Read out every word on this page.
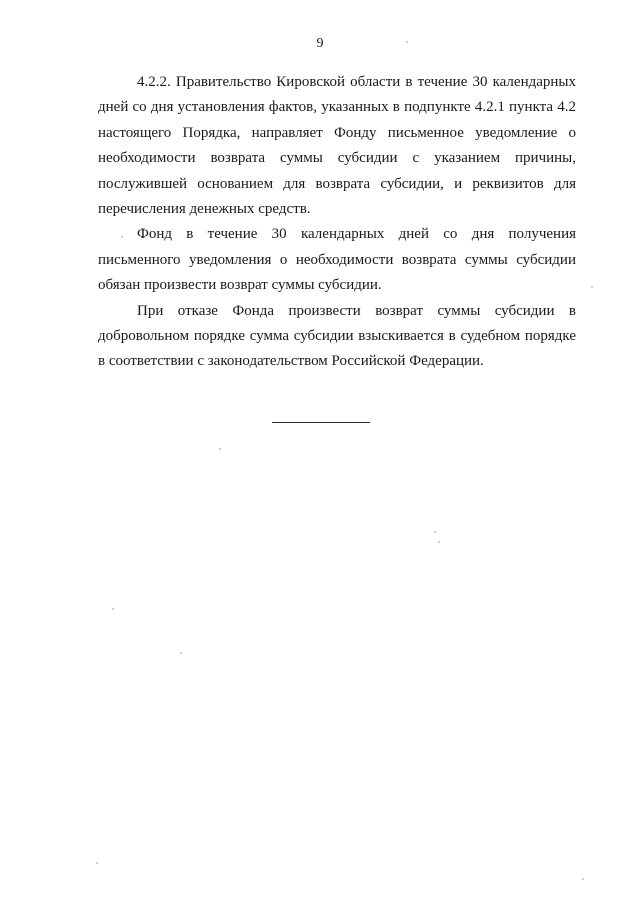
9
4.2.2. Правительство Кировской области в течение 30 календарных
дней со дня установления фактов, указанных в подпункте 4.2.1 пункта 4.2
настоящего Порядка, направляет Фонду письменное уведомление о
необходимости возврата суммы субсидии с указанием причины,
послужившей основанием для возврата субсидии, и реквизитов для
перечисления денежных средств.
Фонд в течение 30 календарных дней со дня получения
письменного уведомления о необходимости возврата суммы субсидии
обязан произвести возврат суммы субсидии.
При отказе Фонда произвести возврат суммы субсидии в
добровольном порядке сумма субсидии взыскивается в судебном порядке
в соответствии с законодательством Российской Федерации.
